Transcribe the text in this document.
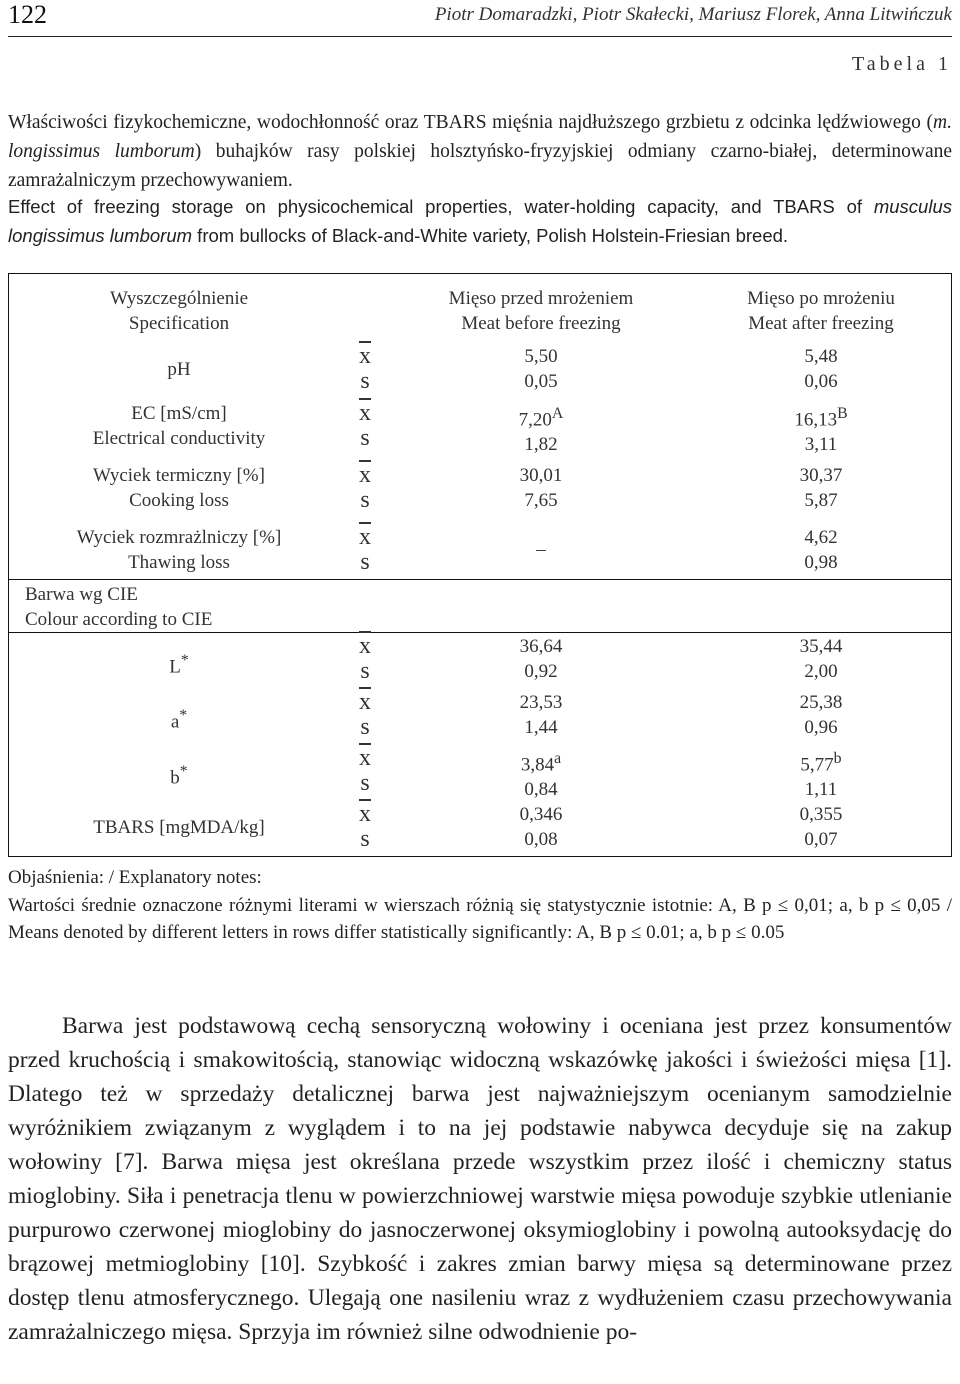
122	Piotr Domaradzki, Piotr Skałecki, Mariusz Florek, Anna Litwińczuk
Tabela 1
Właściwości fizykochemiczne, wodochłonność oraz TBARS mięśnia najdłuższego grzbietu z odcinka lędźwiowego (m. longissimus lumborum) buhajków rasy polskiej holsztyńsko-fryzyjskiej odmiany czarno-białej, determinowane zamrażalniczym przechowywaniem.
Effect of freezing storage on physicochemical properties, water-holding capacity, and TBARS of musculus longissimus lumborum from bullocks of Black-and-White variety, Polish Holstein-Friesian breed.
Wyszczególnienie
Specification
Mięso przed mrożeniem
Meat before freezing
Mięso po mrożeniu
Meat after freezing
pH
$\overline{x}$
s
5,50
0,05
5,48
0,06
EC [mS/cm]
Electrical conductivity
$\overline{x}$
s
$7,20^A$
1,82
$16,13^B$
3,11
Wyciek termiczny [%]
Cooking loss
$\overline{x}$
s
30,01
7,65
30,37
5,87
Wyciek rozmrażlniczy [%]
Thawing loss
$\overline{x}$
s	–
4,62
0,98
Barwa wg CIE
Colour according to CIE
L*
$\overline{x}$
s
36,64
0,92
35,44
2,00
a*
$\overline{x}$
s
23,53
1,44
25,38
0,96
b*
$\overline{x}$
s
3,84$^a$
0,84
5,77$^b$
1,11
TBARS [mgMDA/kg]
$\overline{x}$
s
0,346
0,08
0,355
0,07
Objaśnienia: / Explanatory notes:
Wartości średnie oznaczone różnymi literami w wierszach różnią się statystycznie istotnie: A, B p ≤ 0,01; a, b p ≤ 0,05 / Means denoted by different letters in rows differ statistically significantly: A, B p ≤ 0.01; a, b p ≤ 0.05
Barwa jest podstawową cechą sensoryczną wołowiny i oceniana jest przez konsumentów przed kruchością i smakowitością, stanowiąc widoczną wskazówkę jakości i świeżości mięsa [1]. Dlatego też w sprzedaży detalicznej barwa jest najważniejszym ocenianym samodzielnie wyróżnikiem związanym z wyglądem i to na jej podstawie nabywca decyduje się na zakup wołowiny [7]. Barwa mięsa jest określana przede wszystkim przez ilość i chemiczny status mioglobiny. Siła i penetracja tlenu w powierzchniowej warstwie mięsa powoduje szybkie utlenianie purpurowo czerwonej mioglobiny do jasnoczerwonej oksymioglobiny i powolną autooksydację do brązowej metmioglobiny [10]. Szybkość i zakres zmian barwy mięsa są determinowane przez dostęp tlenu atmosferycznego. Ulegają one nasileniu wraz z wydłużeniem czasu przechowywania zamrażalniczego mięsa. Sprzyja im również silne odwodnienie po-
